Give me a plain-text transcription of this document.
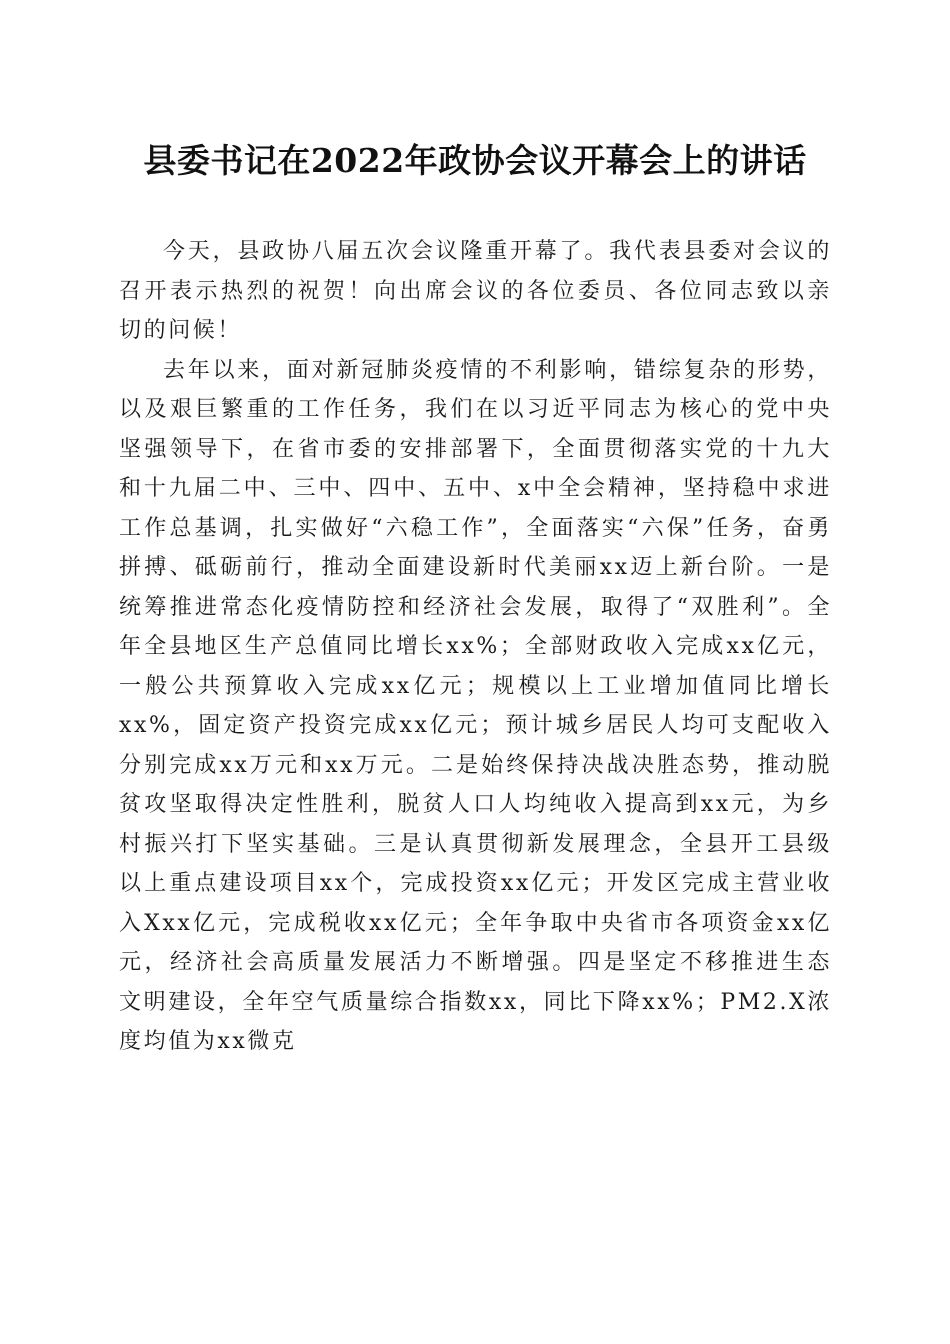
县委书记在2022年政协会议开幕会上的讲话

今天，县政协八届五次会议隆重开幕了。我代表县委对会议的召开表示热烈的祝贺！向出席会议的各位委员、各位同志致以亲切的问候！

去年以来，面对新冠肺炎疫情的不利影响，错综复杂的形势，以及艰巨繁重的工作任务，我们在以习近平同志为核心的党中央坚强领导下，在省市委的安排部署下，全面贯彻落实党的十九大和十九届二中、三中、四中、五中、x中全会精神，坚持稳中求进工作总基调，扎实做好“六稳工作”，全面落实“六保”任务，奋勇拼搏、砥砺前行，推动全面建设新时代美丽xx迈上新台阶。一是统筹推进常态化疫情防控和经济社会发展，取得了“双胜利”。全年全县地区生产总值同比增长xx%；全部财政收入完成xx亿元，一般公共预算收入完成xx亿元；规模以上工业增加值同比增长xx%，固定资产投资完成xx亿元；预计城乡居民人均可支配收入分别完成xx万元和xx万元。二是始终保持决战决胜态势，推动脱贫攻坚取得决定性胜利，脱贫人口人均纯收入提高到xx元，为乡村振兴打下坚实基础。三是认真贯彻新发展理念，全县开工县级以上重点建设项目xx个，完成投资xx亿元；开发区完成主营业收入Xxx亿元，完成税收xx亿元；全年争取中央省市各项资金xx亿元，经济社会高质量发展活力不断增强。四是坚定不移推进生态文明建设，全年空气质量综合指数xx，同比下降xx%；PM2.X浓度均值为xx微克
